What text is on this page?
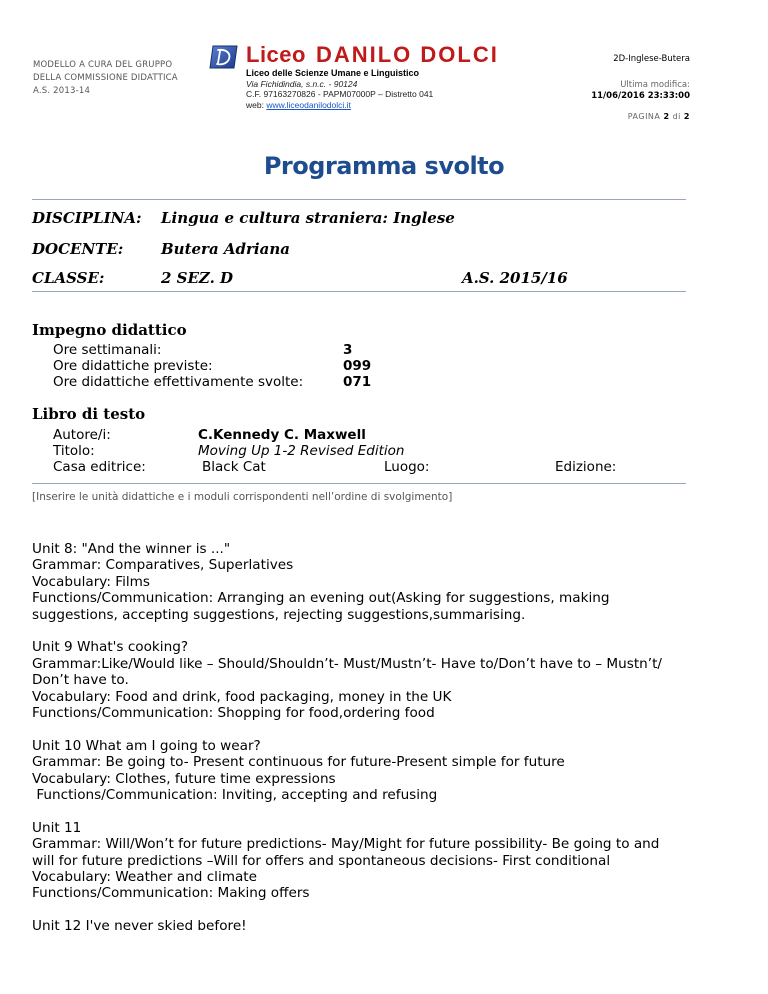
MODELLO A CURA DEL GRUPPO
DELLA COMMISSIONE DIDATTICA
A.S. 2013-14
Liceo DANILO DOLCI
Liceo delle Scienze Umane e Linguistico
Via Fichidindia, s.n.c. - 90124
C.F. 97163270826 - PAPM07000P – Distretto 041
web: www.liceodanilodolci.it
2D-Inglese-Butera
Ultima modifica:
11/06/2016 23:33:00
PAGINA 2 di 2
Programma svolto
DISCIPLINA: Lingua e cultura straniera: Inglese
DOCENTE:	Butera Adriana
CLASSE:	2 SEZ. D	A.S. 2015/16
Impegno didattico
Ore settimanali:	3
Ore didattiche previste:	099
Ore didattiche effettivamente svolte:	071
Libro di testo
Autore/i:	C.Kennedy C. Maxwell
Titolo:	Moving Up 1-2 Revised Edition
Casa editrice:	Black Cat	Luogo:	Edizione:
[Inserire le unità didattiche e i moduli corrispondenti nell’ordine di svolgimento]

Unit 8: "And the winner is ..."
Grammar: Comparatives, Superlatives
Vocabulary: Films
Functions/Communication: Arranging an evening out(Asking for suggestions, making
suggestions, accepting suggestions, rejecting suggestions,summarising.

Unit 9 What's cooking?
Grammar:Like/Would like – Should/Shouldn’t- Must/Mustn’t- Have to/Don’t have to – Mustn’t/
Don’t have to.
Vocabulary: Food and drink, food packaging, money in the UK
Functions/Communication: Shopping for food,ordering food

Unit 10 What am I going to wear?
Grammar: Be going to- Present continuous for future-Present simple for future
Vocabulary: Clothes, future time expressions
Functions/Communication: Inviting, accepting and refusing

Unit 11
Grammar: Will/Won’t for future predictions- May/Might for future possibility- Be going to and
will for future predictions –Will for offers and spontaneous decisions- First conditional
Vocabulary: Weather and climate
Functions/Communication: Making offers

Unit 12 I've never skied before!
